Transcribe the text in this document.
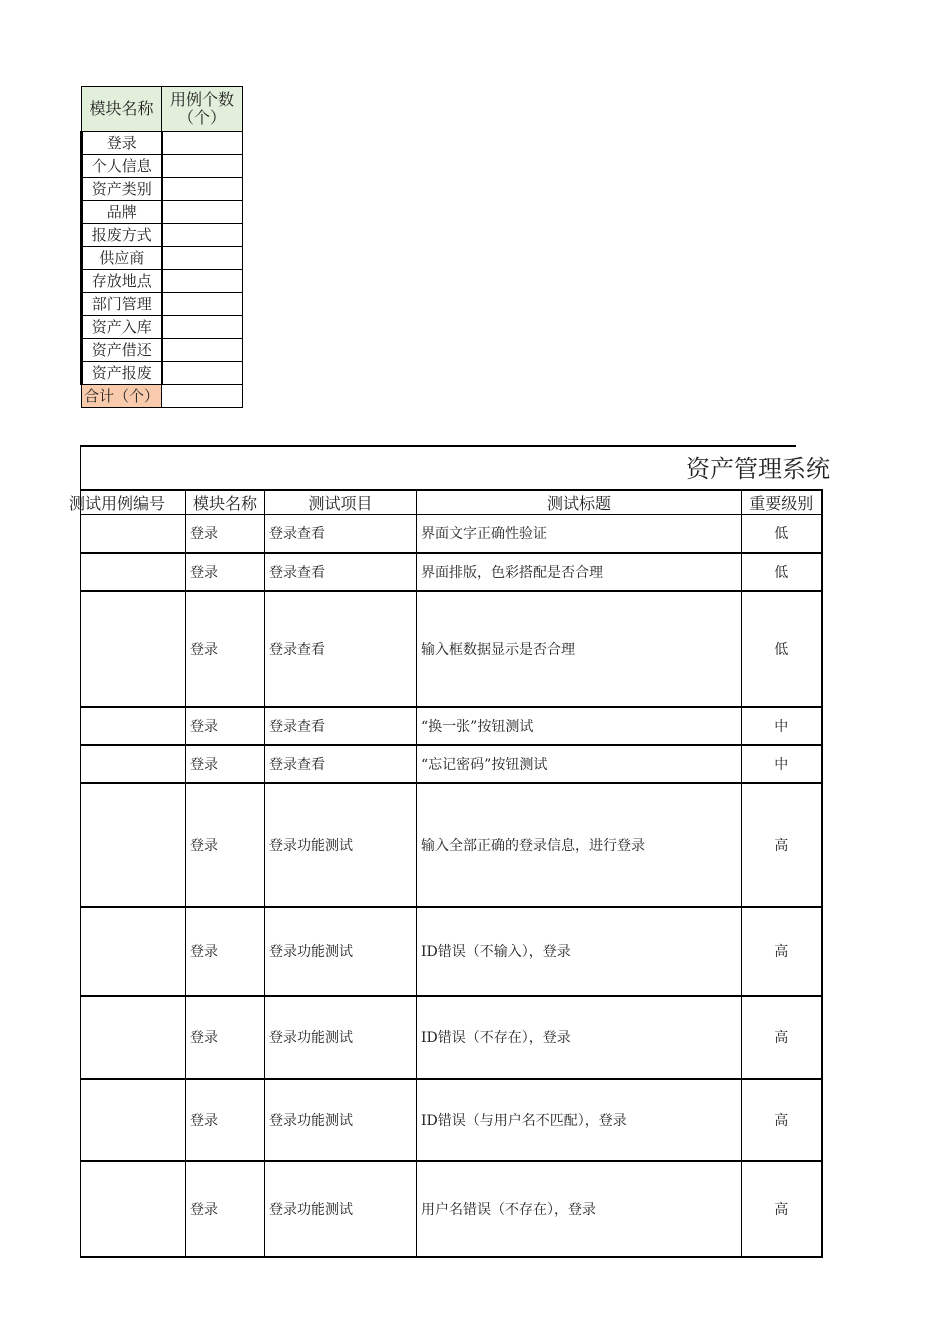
模块名称	用例个数
（个）

登录	
个人信息	
资产类别	
品牌	
报废方式	
供应商	
存放地点	
部门管理	
资产入库	
资产借还	
资产报废	
合计（个）	
资产管理系统
测试用例编号	模块名称	测试项目	测试标题	重要级别
	登录	登录查看	界面文字正确性验证	低
	登录	登录查看	界面排版，色彩搭配是否合理	低
	登录	登录查看	输入框数据显示是否合理	低
	登录	登录查看	“换一张”按钮测试	中
	登录	登录查看	“忘记密码”按钮测试	中
	登录	登录功能测试	输入全部正确的登录信息，进行登录	高
	登录	登录功能测试	ID错误（不输入），登录	高
	登录	登录功能测试	ID错误（不存在），登录	高
	登录	登录功能测试	ID错误（与用户名不匹配），登录	高
	登录	登录功能测试	用户名错误（不存在），登录	高
